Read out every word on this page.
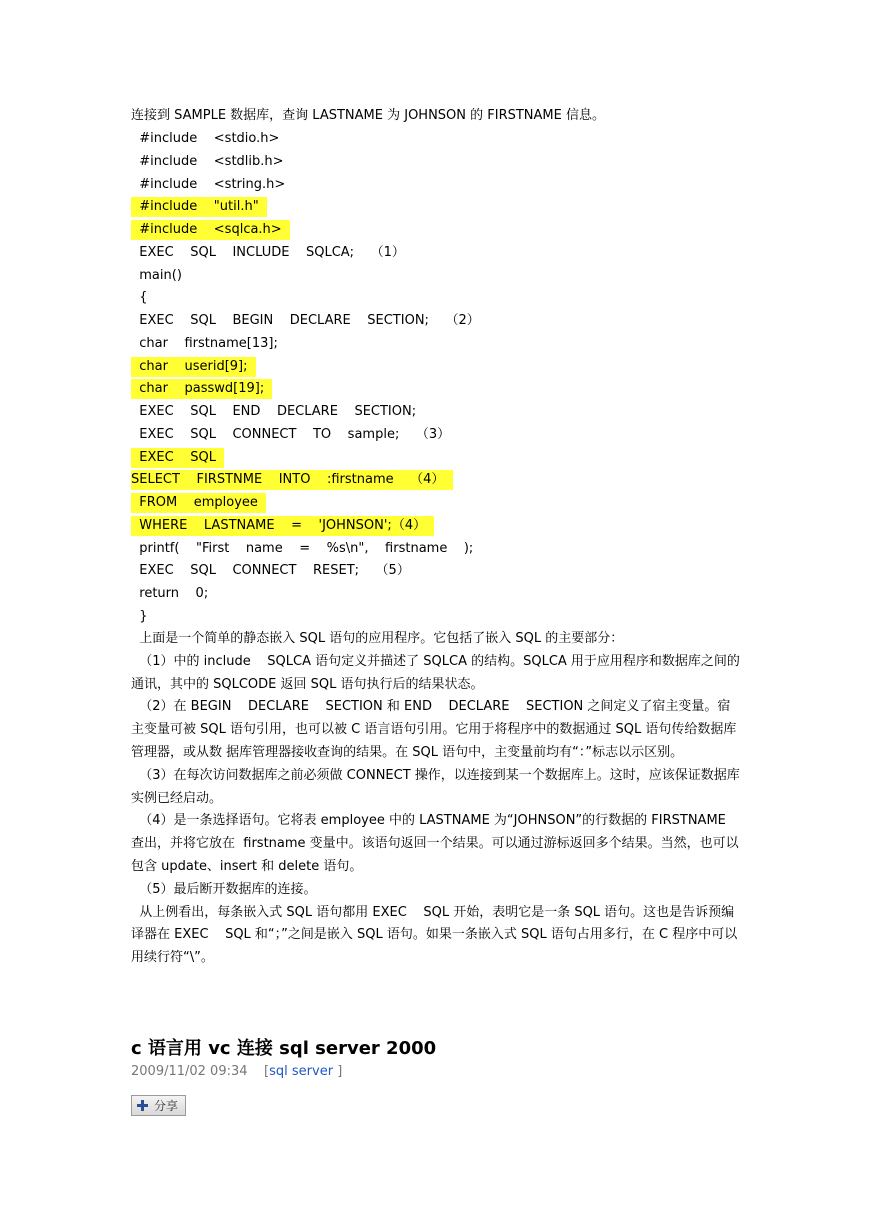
连接到 SAMPLE 数据库，查询 LASTNAME 为 JOHNSON 的 FIRSTNAME 信息。
#include    <stdio.h>
#include    <stdlib.h>
#include    <string.h>
#include    "util.h"
#include    <sqlca.h>
EXEC    SQL    INCLUDE    SQLCA;    （1）
main()
{
EXEC    SQL    BEGIN    DECLARE    SECTION;    （2）
char    firstname[13];
char    userid[9];
char    passwd[19];
EXEC    SQL    END    DECLARE    SECTION;
EXEC    SQL    CONNECT    TO    sample;    （3）
EXEC    SQL
SELECT    FIRSTNME    INTO    :firstname    （4）
FROM    employee
WHERE    LASTNAME    =    'JOHNSON';（4）
printf(    "First    name    =    %s\n",    firstname    );
EXEC    SQL    CONNECT    RESET;    （5）
return    0;
}

上面是一个简单的静态嵌入 SQL 语句的应用程序。它包括了嵌入 SQL 的主要部分：

（1）中的 include    SQLCA 语句定义并描述了 SQLCA 的结构。SQLCA 用于应用程序和数据库之间的通讯，其中的 SQLCODE 返回 SQL 语句执行后的结果状态。

（2）在 BEGIN    DECLARE    SECTION 和 END    DECLARE    SECTION 之间定义了宿主变量。宿主变量可被 SQL 语句引用，也可以被 C 语言语句引用。它用于将程序中的数据通过 SQL 语句传给数据库管理器，或从数 据库管理器接收查询的结果。在 SQL 语句中，主变量前均有“：”标志以示区别。

（3）在每次访问数据库之前必须做 CONNECT 操作，以连接到某一个数据库上。这时，应该保证数据库实例已经启动。

（4）是一条选择语句。它将表 employee 中的 LASTNAME 为“JOHNSON”的行数据的 FIRSTNAME 查出，并将它放在  firstname 变量中。该语句返回一个结果。可以通过游标返回多个结果。当然，也可以包含 update、insert 和 delete 语句。

（5）最后断开数据库的连接。

从上例看出，每条嵌入式 SQL 语句都用 EXEC    SQL 开始，表明它是一条 SQL 语句。这也是告诉预编译器在 EXEC    SQL 和“；”之间是嵌入 SQL 语句。如果一条嵌入式 SQL 语句占用多行，在 C 程序中可以用续行符“\”。

c 语言用 vc 连接 sql server 2000
2009/11/02 09:34    [sql server ]
分享
